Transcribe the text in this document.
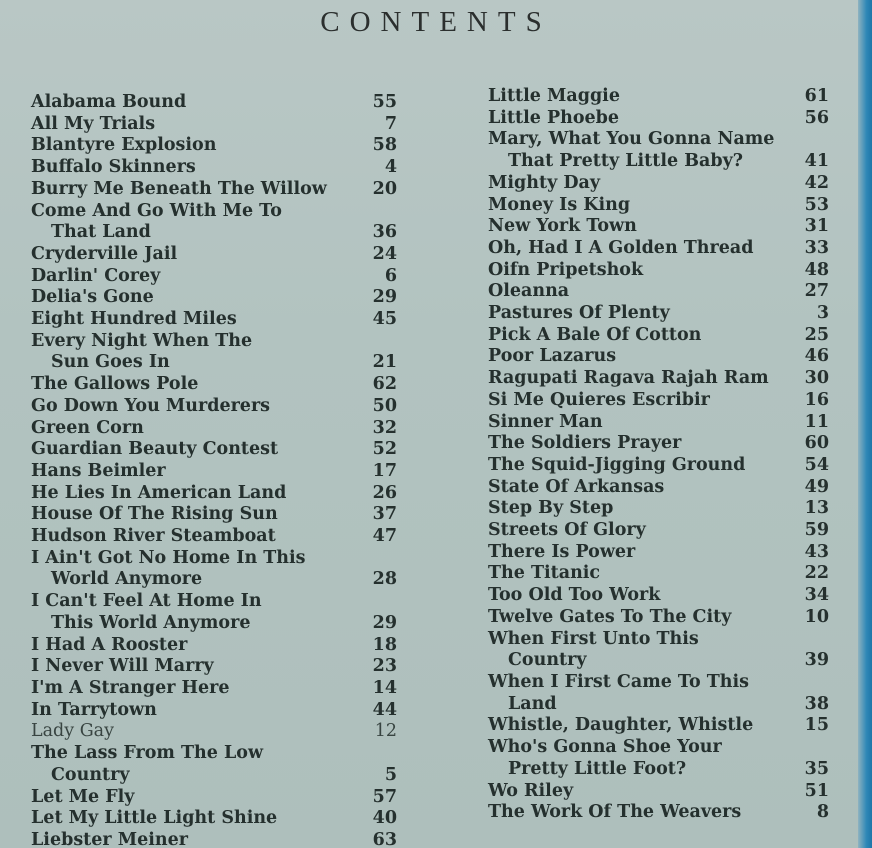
CONTENTS
Alabama Bound	55
All My Trials	7
Blantyre Explosion	58
Buffalo Skinners	4
Burry Me Beneath The Willow	20
Come And Go With Me To
That Land	36
Cryderville Jail	24
Darlin' Corey	6
Delia's Gone	29
Eight Hundred Miles	45
Every Night When The
Sun Goes In	21
The Gallows Pole	62
Go Down You Murderers	50
Green Corn	32
Guardian Beauty Contest	52
Hans Beimler	17
He Lies In American Land	26
House Of The Rising Sun	37
Hudson River Steamboat	47
I Ain't Got No Home In This
World Anymore	28
I Can't Feel At Home In
This World Anymore	29
I Had A Rooster	18
I Never Will Marry	23
I'm A Stranger Here	14
In Tarrytown	44
Lady Gay	12
The Lass From The Low
Country	5
Let Me Fly	57
Let My Little Light Shine	40
Liebster Meiner	63
Little Maggie	61
Little Phoebe	56
Mary, What You Gonna Name
That Pretty Little Baby?	41
Mighty Day	42
Money Is King	53
New York Town	31
Oh, Had I A Golden Thread	33
Oifn Pripetshok	48
Oleanna	27
Pastures Of Plenty	3
Pick A Bale Of Cotton	25
Poor Lazarus	46
Ragupati Ragava Rajah Ram	30
Si Me Quieres Escribir	16
Sinner Man	11
The Soldiers Prayer	60
The Squid-Jigging Ground	54
State Of Arkansas	49
Step By Step	13
Streets Of Glory	59
There Is Power	43
The Titanic	22
Too Old Too Work	34
Twelve Gates To The City	10
When First Unto This
Country	39
When I First Came To This
Land	38
Whistle, Daughter, Whistle	15
Who's Gonna Shoe Your
Pretty Little Foot?	35
Wo Riley	51
The Work Of The Weavers	8
